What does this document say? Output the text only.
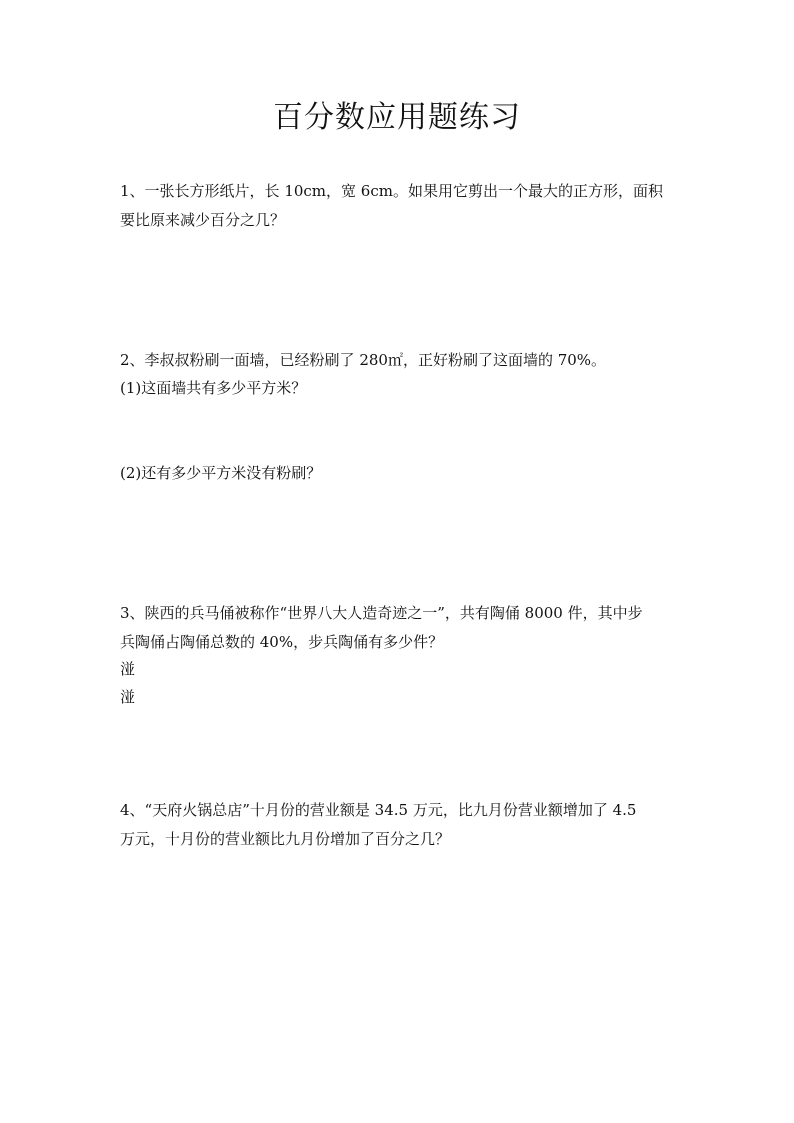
百分数应用题练习
1、一张长方形纸片，长 10cm，宽 6cm。如果用它剪出一个最大的正方形，面积
要比原来减少百分之几？
2、李叔叔粉刷一面墙，已经粉刷了 280㎡，正好粉刷了这面墙的 70%。
(1)这面墙共有多少平方米？
(2)还有多少平方米没有粉刷？
3、陕西的兵马俑被称作“世界八大人造奇迹之一”，共有陶俑 8000 件，其中步
兵陶俑占陶俑总数的 40%，步兵陶俑有多少件？
湴
湴
4、“天府火锅总店”十月份的营业额是 34.5 万元，比九月份营业额增加了 4.5
万元，十月份的营业额比九月份增加了百分之几？
